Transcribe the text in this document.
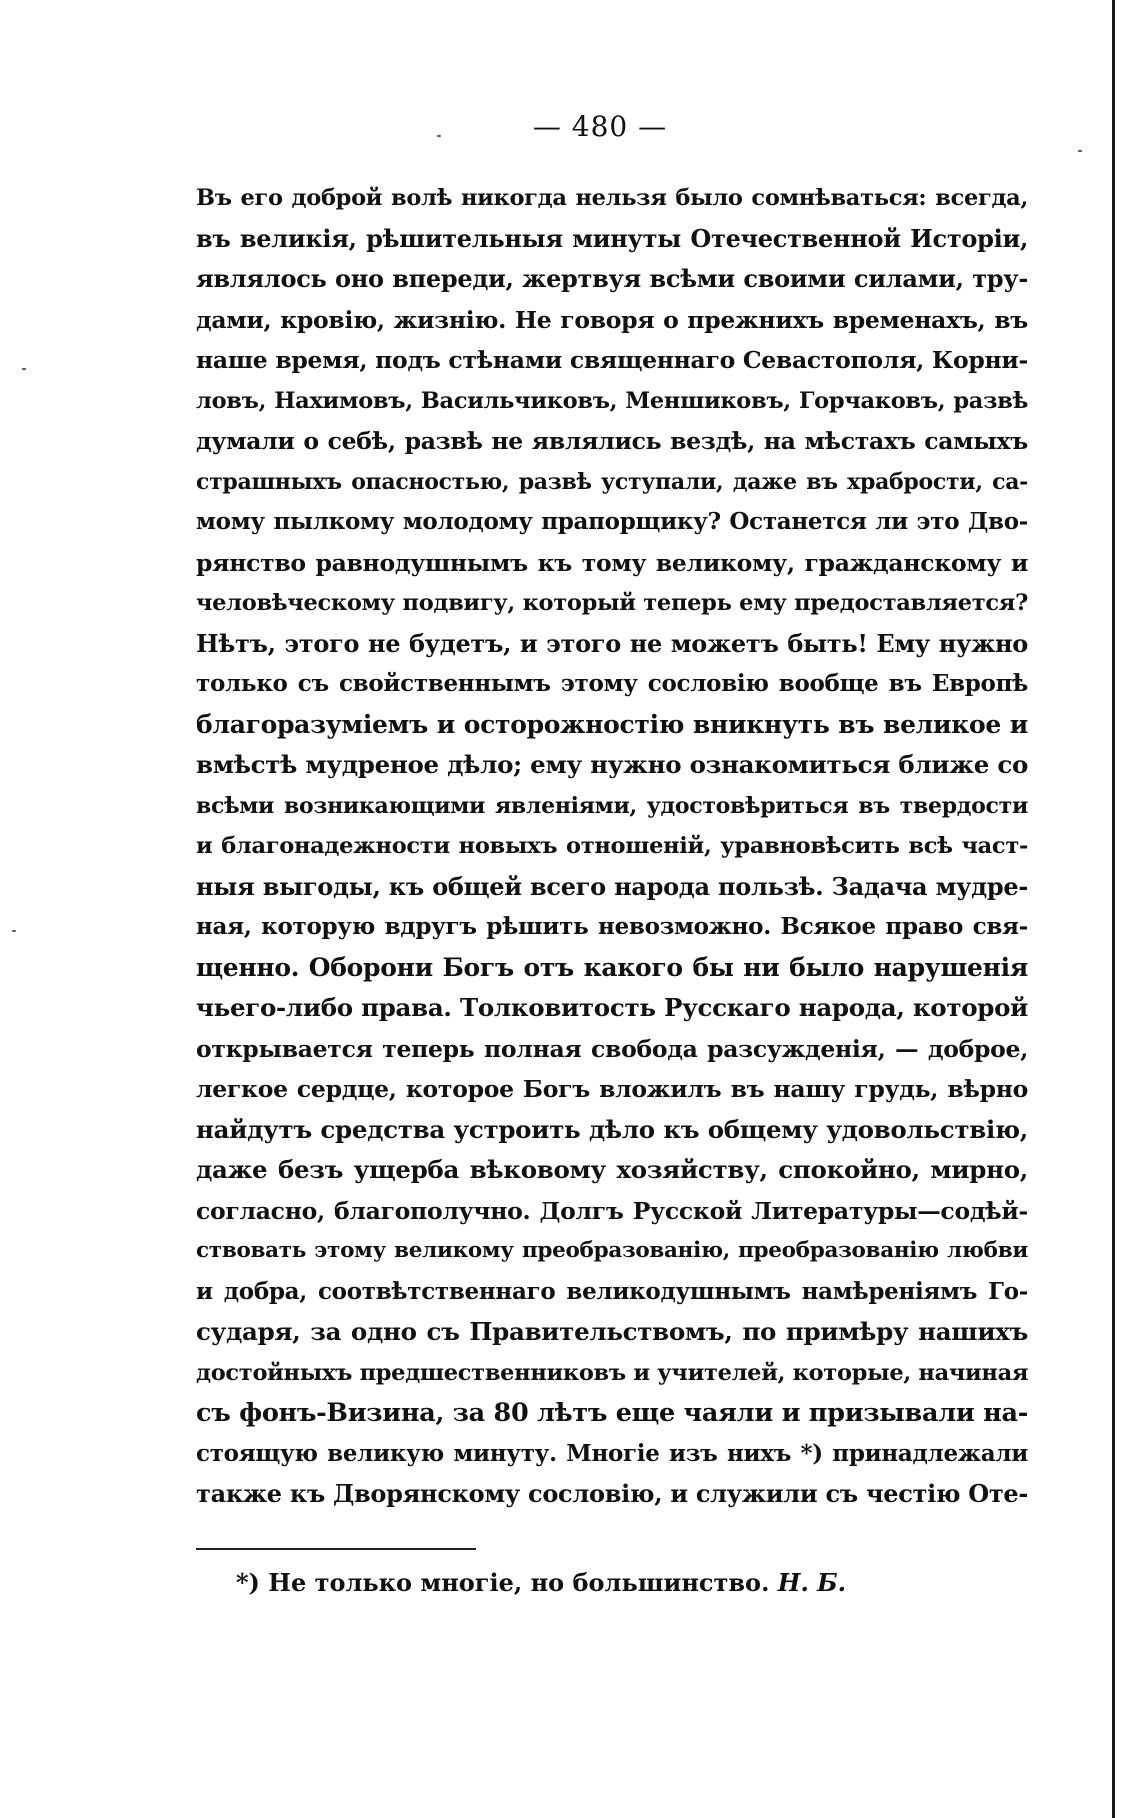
— 480 —
Въ его доброй волѣ никогда нельзя было сомнѣваться: всегда,
въ великія, рѣшительныя минуты Отечественной Исторіи,
являлось оно впереди, жертвуя всѣми своими силами, тру-
дами, кровію, жизнію. Не говоря о прежнихъ временахъ, въ
наше время, подъ стѣнами священнаго Севастополя, Корни-
ловъ, Нахимовъ, Васильчиковъ, Меншиковъ, Горчаковъ, развѣ
думали о себѣ, развѣ не являлись вездѣ, на мѣстахъ самыхъ
страшныхъ опасностью, развѣ уступали, даже въ храбрости, са-
мому пылкому молодому прапорщику? Останется ли это Дво-
рянство равнодушнымъ къ тому великому, гражданскому и
человѣческому подвигу, который теперь ему предоставляется?
Нѣтъ, этого не будетъ, и этого не можетъ быть! Ему нужно
только съ свойственнымъ этому сословію вообще въ Европѣ
благоразуміемъ и осторожностію вникнуть въ великое и
вмѣстѣ мудреное дѣло; ему нужно ознакомиться ближе со
всѣми возникающими явленіями, удостовѣриться въ твердости
и благонадежности новыхъ отношеній, уравновѣсить всѣ част-
ныя выгоды, къ общей всего народа пользѣ. Задача мудре-
ная, которую вдругъ рѣшить невозможно. Всякое право свя-
щенно. Оборони Богъ отъ какого бы ни было нарушенія
чьего-либо права. Толковитость Русскаго народа, которой
открывается теперь полная свобода разсужденія, — доброе,
легкое сердце, которое Богъ вложилъ въ нашу грудь, вѣрно
найдутъ средства устроить дѣло къ общему удовольствію,
даже безъ ущерба вѣковому хозяйству, спокойно, мирно,
согласно, благополучно. Долгъ Русской Литературы—содѣй-
ствовать этому великому преобразованію, преобразованію любви
и добра, соотвѣтственнаго великодушнымъ намѣреніямъ Го-
сударя, за одно съ Правительствомъ, по примѣру нашихъ
достойныхъ предшественниковъ и учителей, которые, начиная
съ фонъ-Визина, за 80 лѣтъ еще чаяли и призывали на-
стоящую великую минуту. Многіе изъ нихъ *) принадлежали
также къ Дворянскому сословію, и служили съ честію Оте-
*) Не только многіе, но большинство. Н. Б.
